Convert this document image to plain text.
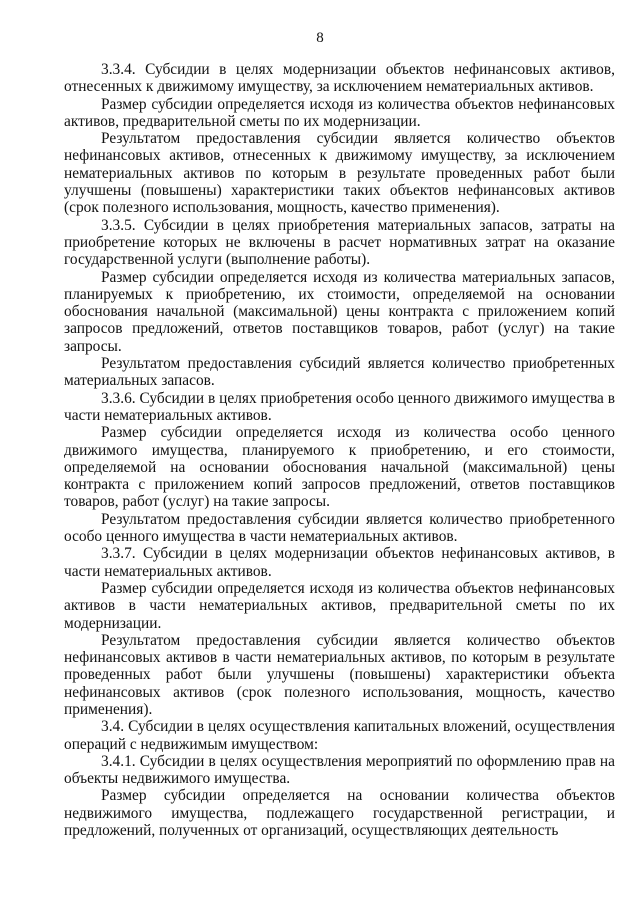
8

3.3.4. Субсидии в целях модернизации объектов нефинансовых активов, отнесенных к движимому имуществу, за исключением нематериальных активов.

Размер субсидии определяется исходя из количества объектов нефинансовых активов, предварительной сметы по их модернизации.

Результатом предоставления субсидии является количество объектов нефинансовых активов, отнесенных к движимому имуществу, за исключением нематериальных активов по которым в результате проведенных работ были улучшены (повышены) характеристики таких объектов нефинансовых активов (срок полезного использования, мощность, качество применения).

3.3.5. Субсидии в целях приобретения материальных запасов, затраты на приобретение которых не включены в расчет нормативных затрат на оказание государственной услуги (выполнение работы).

Размер субсидии определяется исходя из количества материальных запасов, планируемых к приобретению, их стоимости, определяемой на основании обоснования начальной (максимальной) цены контракта с приложением копий запросов предложений, ответов поставщиков товаров, работ (услуг) на такие запросы.

Результатом предоставления субсидий является количество приобретенных материальных запасов.

3.3.6. Субсидии в целях приобретения особо ценного движимого имущества в части нематериальных активов.

Размер субсидии определяется исходя из количества особо ценного движимого имущества, планируемого к приобретению, и его стоимости, определяемой на основании обоснования начальной (максимальной) цены контракта с приложением копий запросов предложений, ответов поставщиков товаров, работ (услуг) на такие запросы.

Результатом предоставления субсидии является количество приобретенного особо ценного имущества в части нематериальных активов.

3.3.7. Субсидии в целях модернизации объектов нефинансовых активов, в части нематериальных активов.

Размер субсидии определяется исходя из количества объектов нефинансовых активов в части нематериальных активов, предварительной сметы по их модернизации.

Результатом предоставления субсидии является количество объектов нефинансовых активов в части нематериальных активов, по которым в результате проведенных работ были улучшены (повышены) характеристики объекта нефинансовых активов (срок полезного использования, мощность, качество применения).

3.4. Субсидии в целях осуществления капитальных вложений, осуществления операций с недвижимым имуществом:

3.4.1. Субсидии в целях осуществления мероприятий по оформлению прав на объекты недвижимого имущества.

Размер субсидии определяется на основании количества объектов недвижимого имущества, подлежащего государственной регистрации, и предложений, полученных от организаций, осуществляющих деятельность
